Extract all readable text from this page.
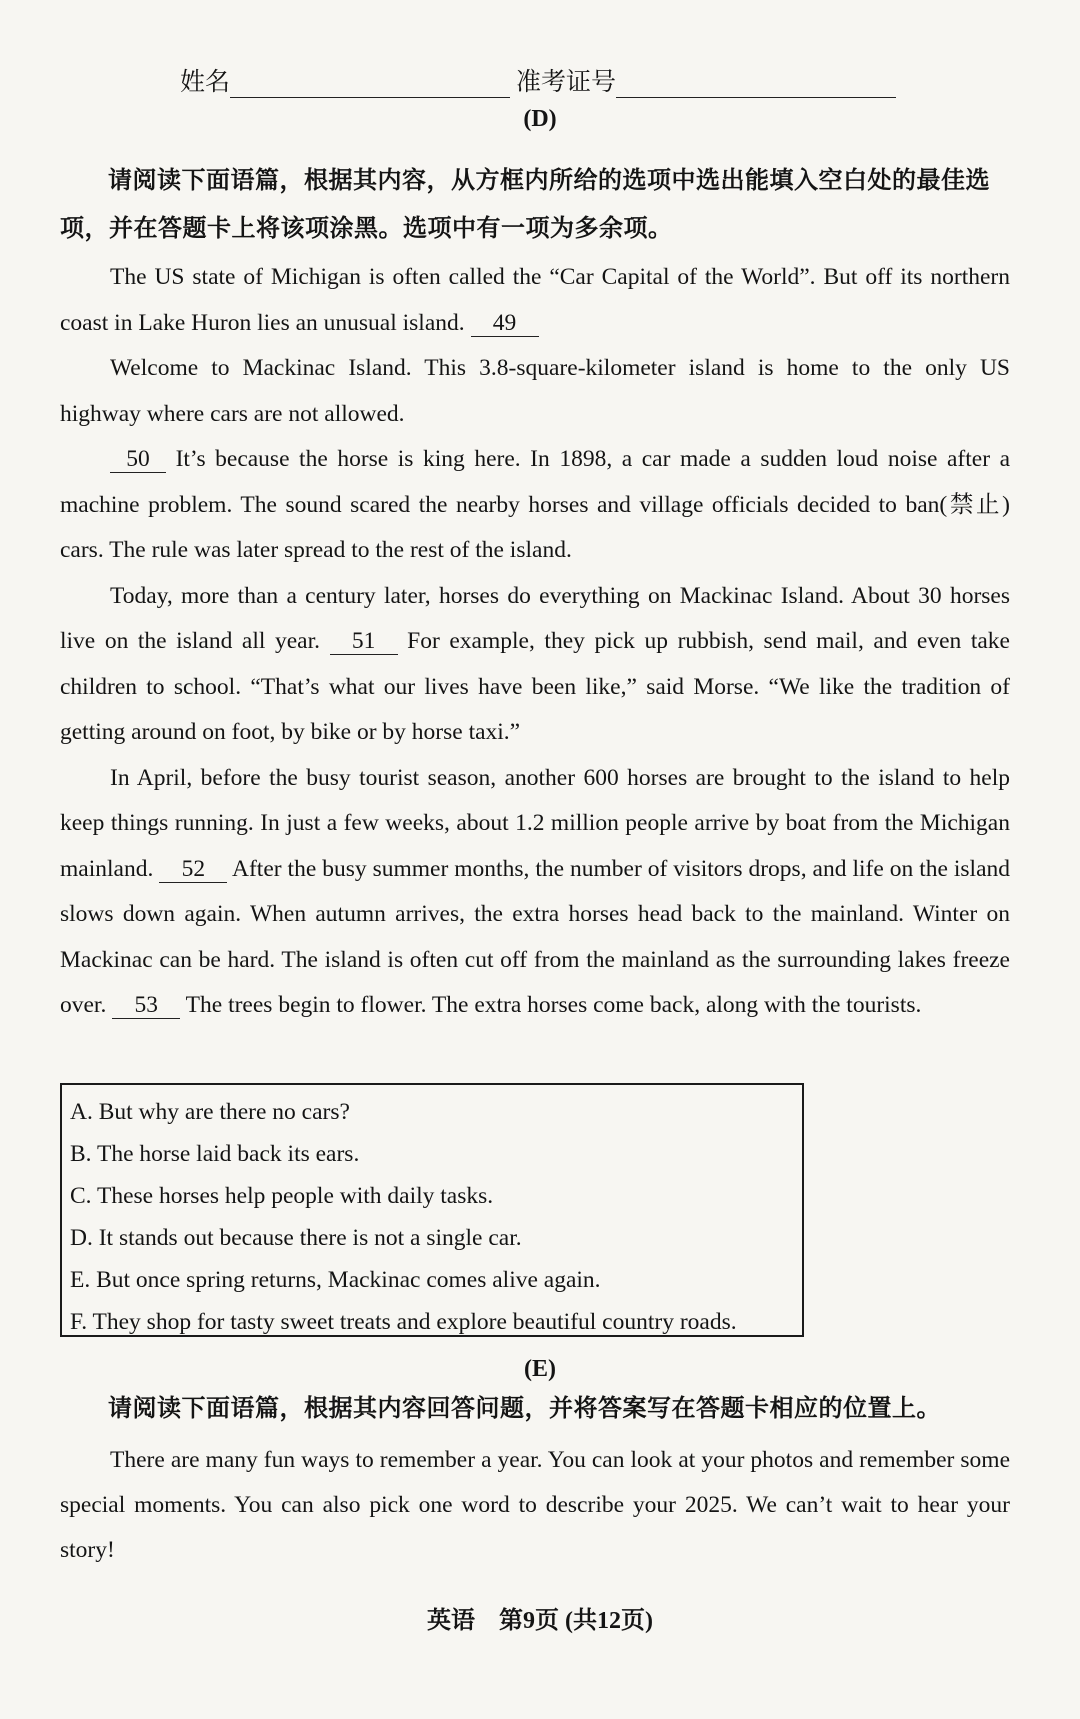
姓名	准考证号
(D)
请阅读下面语篇，根据其内容，从方框内所给的选项中选出能填入空白处的最佳选
项，并在答题卡上将该项涂黑。选项中有一项为多余项。

The US state of Michigan is often called the “Car Capital of the World”. But off its northern coast in Lake Huron lies an unusual island. 49

Welcome to Mackinac Island. This 3.8-square-kilometer island is home to the only US highway where cars are not allowed.

50 It’s because the horse is king here. In 1898, a car made a sudden loud noise after a machine problem. The sound scared the nearby horses and village officials decided to ban(禁止) cars. The rule was later spread to the rest of the island.

Today, more than a century later, horses do everything on Mackinac Island. About 30 horses live on the island all year. 51 For example, they pick up rubbish, send mail, and even take children to school. “That’s what our lives have been like,” said Morse. “We like the tradition of getting around on foot, by bike or by horse taxi.”

In April, before the busy tourist season, another 600 horses are brought to the island to help keep things running. In just a few weeks, about 1.2 million people arrive by boat from the Michigan mainland. 52 After the busy summer months, the number of visitors drops, and life on the island slows down again. When autumn arrives, the extra horses head back to the mainland. Winter on Mackinac can be hard. The island is often cut off from the mainland as the surrounding lakes freeze over. 53 The trees begin to flower. The extra horses come back, along with the tourists.

A. But why are there no cars?
B. The horse laid back its ears.
C. These horses help people with daily tasks.
D. It stands out because there is not a single car.
E. But once spring returns, Mackinac comes alive again.
F. They shop for tasty sweet treats and explore beautiful country roads.
(E)
请阅读下面语篇，根据其内容回答问题，并将答案写在答题卡相应的位置上。

There are many fun ways to remember a year. You can look at your photos and remember some special moments. You can also pick one word to describe your 2025. We can’t wait to hear your story!

英语　第9页 (共12页)
